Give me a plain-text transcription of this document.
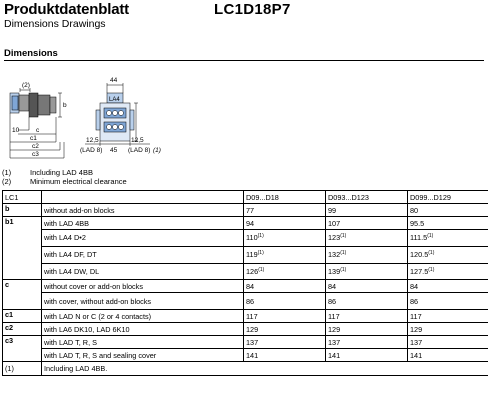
Produktdatenblatt
Dimensions Drawings
LC1D18P7
Dimensions
(2)
b
10	c
c1
c2
c3
44
LA4
12,5
(LAD 8) 45
12,5
(LAD 8) (1)
(1)	Including LAD 4BB
(2)	Minimum electrical clearance
LC1		D09...D18	D093...D123	D099...D129
b	without add-on blocks	77	99	80
b1	with LAD 4BB	94	107	95.5
	with LA4 D•2	110$^{(1)}$	123$^{(1)}$	111.5$^{(1)}$
	with LA4 DF, DT	119$^{(1)}$	132$^{(1)}$	120.5$^{(1)}$
	with LA4 DW, DL	126$^{(1)}$	139$^{(1)}$	127.5$^{(1)}$
c	without cover or add-on blocks	84	84	84
	with cover, without add-on blocks	86	86	86
c1	with LAD N or C (2 or 4 contacts)	117	117	117
c2	with LA6 DK10, LAD 6K10	129	129	129
c3	with LAD T, R, S	137	137	137
	with LAD T, R, S and sealing cover	141	141	141
(1)	Including LAD 4BB.			
